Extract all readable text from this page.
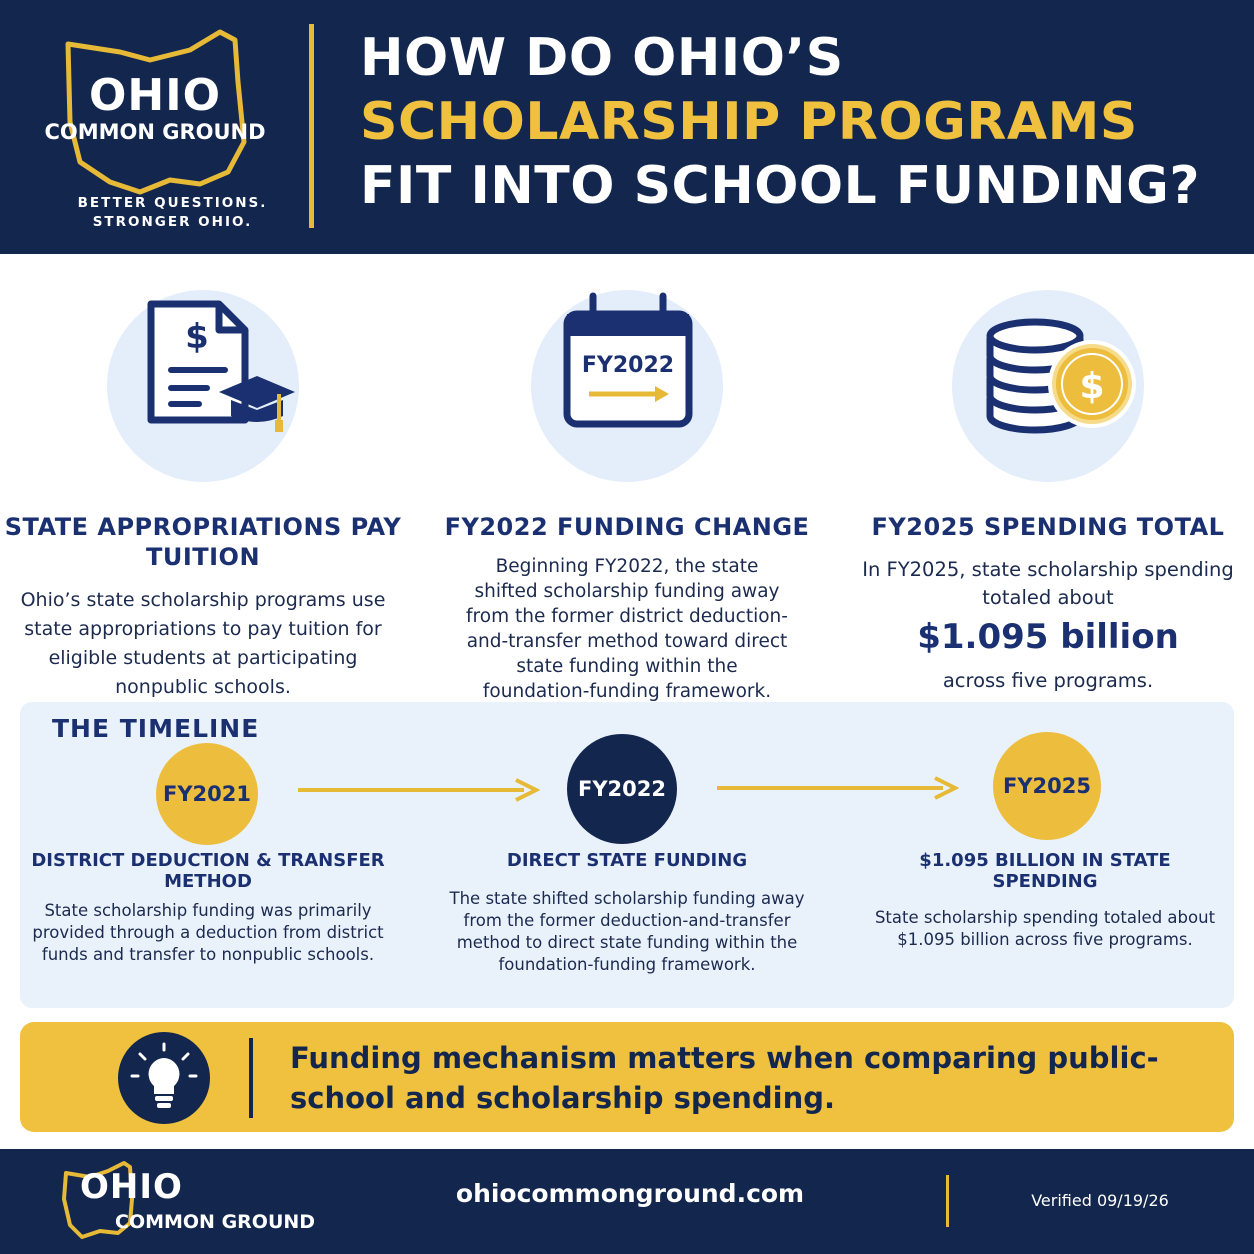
OHIO
COMMON GROUND
BETTER QUESTIONS.
STRONGER OHIO.
HOW DO OHIO’S
SCHOLARSHIP PROGRAMS
FIT INTO SCHOOL FUNDING?
$
STATE APPROPRIATIONS PAY TUITION

Ohio’s state scholarship programs use state appropriations to pay tuition for eligible students at participating nonpublic schools.

FY2022
FY2022 FUNDING CHANGE

Beginning FY2022, the state shifted scholarship funding away from the former district deduction-and-transfer method toward direct state funding within the foundation-funding framework.

$
FY2025 SPENDING TOTAL

In FY2025, state scholarship spending totaled about

$1.095 billion

across five programs.

THE TIMELINE
FY2021	FY2022	FY2025
DISTRICT DEDUCTION & TRANSFER METHOD
State scholarship funding was primarily provided through a deduction from district funds and transfer to nonpublic schools.
DIRECT STATE FUNDING
The state shifted scholarship funding away from the former deduction-and-transfer method to direct state funding within the foundation-funding framework.
$1.095 BILLION IN STATE SPENDING
State scholarship spending totaled about $1.095 billion across five programs.
Funding mechanism matters when comparing public-school and scholarship spending.
OHIO
COMMON GROUND
ohiocommonground.com	Verified 09/19/26
